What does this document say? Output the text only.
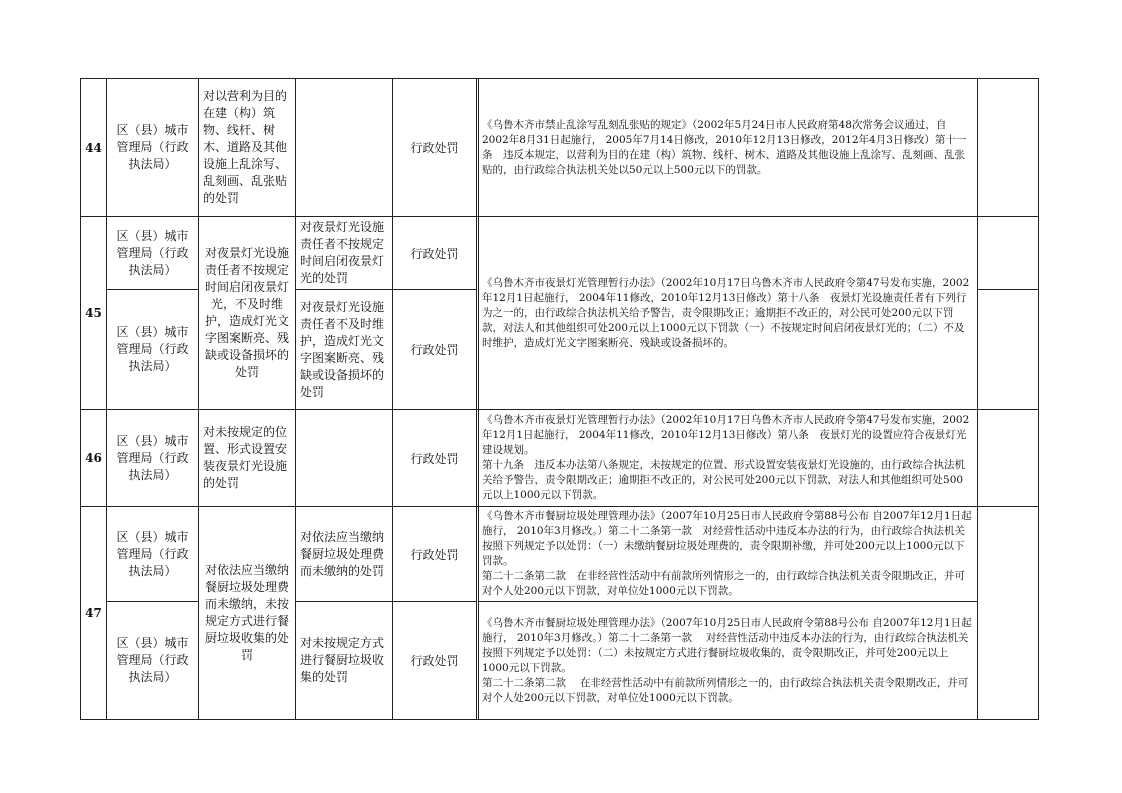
44	区（县）城市管理局（行政执法局）	对以营利为目的在建（构）筑物、线杆、树木、道路及其他设施上乱涂写、乱刻画、乱张贴的处罚		行政处罚		《乌鲁木齐市禁止乱涂写乱刻乱张贴的规定》（2002年5月24日市人民政府第48次常务会议通过，自2002年8月31日起施行， 2005年7月14日修改，2010年12月13日修改，2012年4月3日修改）第十一条　违反本规定，以营利为目的在建（构）筑物、线杆、树木、道路及其他设施上乱涂写、乱刻画、乱张贴的，由行政综合执法机关处以50元以上500元以下的罚款。	

45	区（县）城市管理局（行政执法局）	对夜景灯光设施责任者不按规定时间启闭夜景灯光，不及时维护，造成灯光文字图案断亮、残缺或设备损坏的处罚	对夜景灯光设施责任者不按规定时间启闭夜景灯光的处罚	行政处罚		《乌鲁木齐市夜景灯光管理暂行办法》（2002年10月17日乌鲁木齐市人民政府令第47号发布实施，2002年12月1日起施行， 2004年11修改，2010年12月13日修改）第十八条　夜景灯光设施责任者有下列行为之一的，由行政综合执法机关给予警告，责令限期改正；逾期拒不改正的，对公民可处200元以下罚款，对法人和其他组织可处200元以上1000元以下罚款（一）不按规定时间启闭夜景灯光的；（二）不及时维护，造成灯光文字图案断亮、残缺或设备损坏的。	

	区（县）城市管理局（行政执法局）		对夜景灯光设施责任者不及时维护，造成灯光文字图案断亮、残缺或设备损坏的处罚	行政处罚			
46	区（县）城市管理局（行政执法局）	对未按规定的位置、形式设置安装夜景灯光设施的处罚		行政处罚		《乌鲁木齐市夜景灯光管理暂行办法》（2002年10月17日乌鲁木齐市人民政府令第47号发布实施，2002年12月1日起施行， 2004年11修改，2010年12月13日修改）第八条　夜景灯光的设置应符合夜景灯光建设规划。
第十九条　违反本办法第八条规定，未按规定的位置、形式设置安装夜景灯光设施的，由行政综合执法机关给予警告，责令限期改正；逾期拒不改正的，对公民可处200元以下罚款，对法人和其他组织可处500元以上1000元以下罚款。	

47	区（县）城市管理局（行政执法局）	对依法应当缴纳餐厨垃圾处理费而未缴纳，未按规定方式进行餐厨垃圾收集的处罚	对依法应当缴纳餐厨垃圾处理费而未缴纳的处罚	行政处罚		《乌鲁木齐市餐厨垃圾处理管理办法》（2007年10月25日市人民政府令第88号公布 自2007年12月1日起施行， 2010年3月修改。）第二十二条第一款　对经营性活动中违反本办法的行为，由行政综合执法机关按照下列规定予以处罚：（一）未缴纳餐厨垃圾处理费的，责令限期补缴，并可处200元以上1000元以下罚款。
第二十二条第二款　在非经营性活动中有前款所列情形之一的，由行政综合执法机关责令限期改正，并可对个人处200元以下罚款，对单位处1000元以下罚款。	

	区（县）城市管理局（行政执法局）		对未按规定方式进行餐厨垃圾收集的处罚	行政处罚		《乌鲁木齐市餐厨垃圾处理管理办法》（2007年10月25日市人民政府令第88号公布 自2007年12月1日起施行， 2010年3月修改。）第二十二条第一款　 对经营性活动中违反本办法的行为，由行政综合执法机关按照下列规定予以处罚：（二）未按规定方式进行餐厨垃圾收集的，责令限期改正，并可处200元以上1000元以下罚款。
第二十二条第二款　 在非经营性活动中有前款所列情形之一的，由行政综合执法机关责令限期改正，并可对个人处200元以下罚款，对单位处1000元以下罚款。	
